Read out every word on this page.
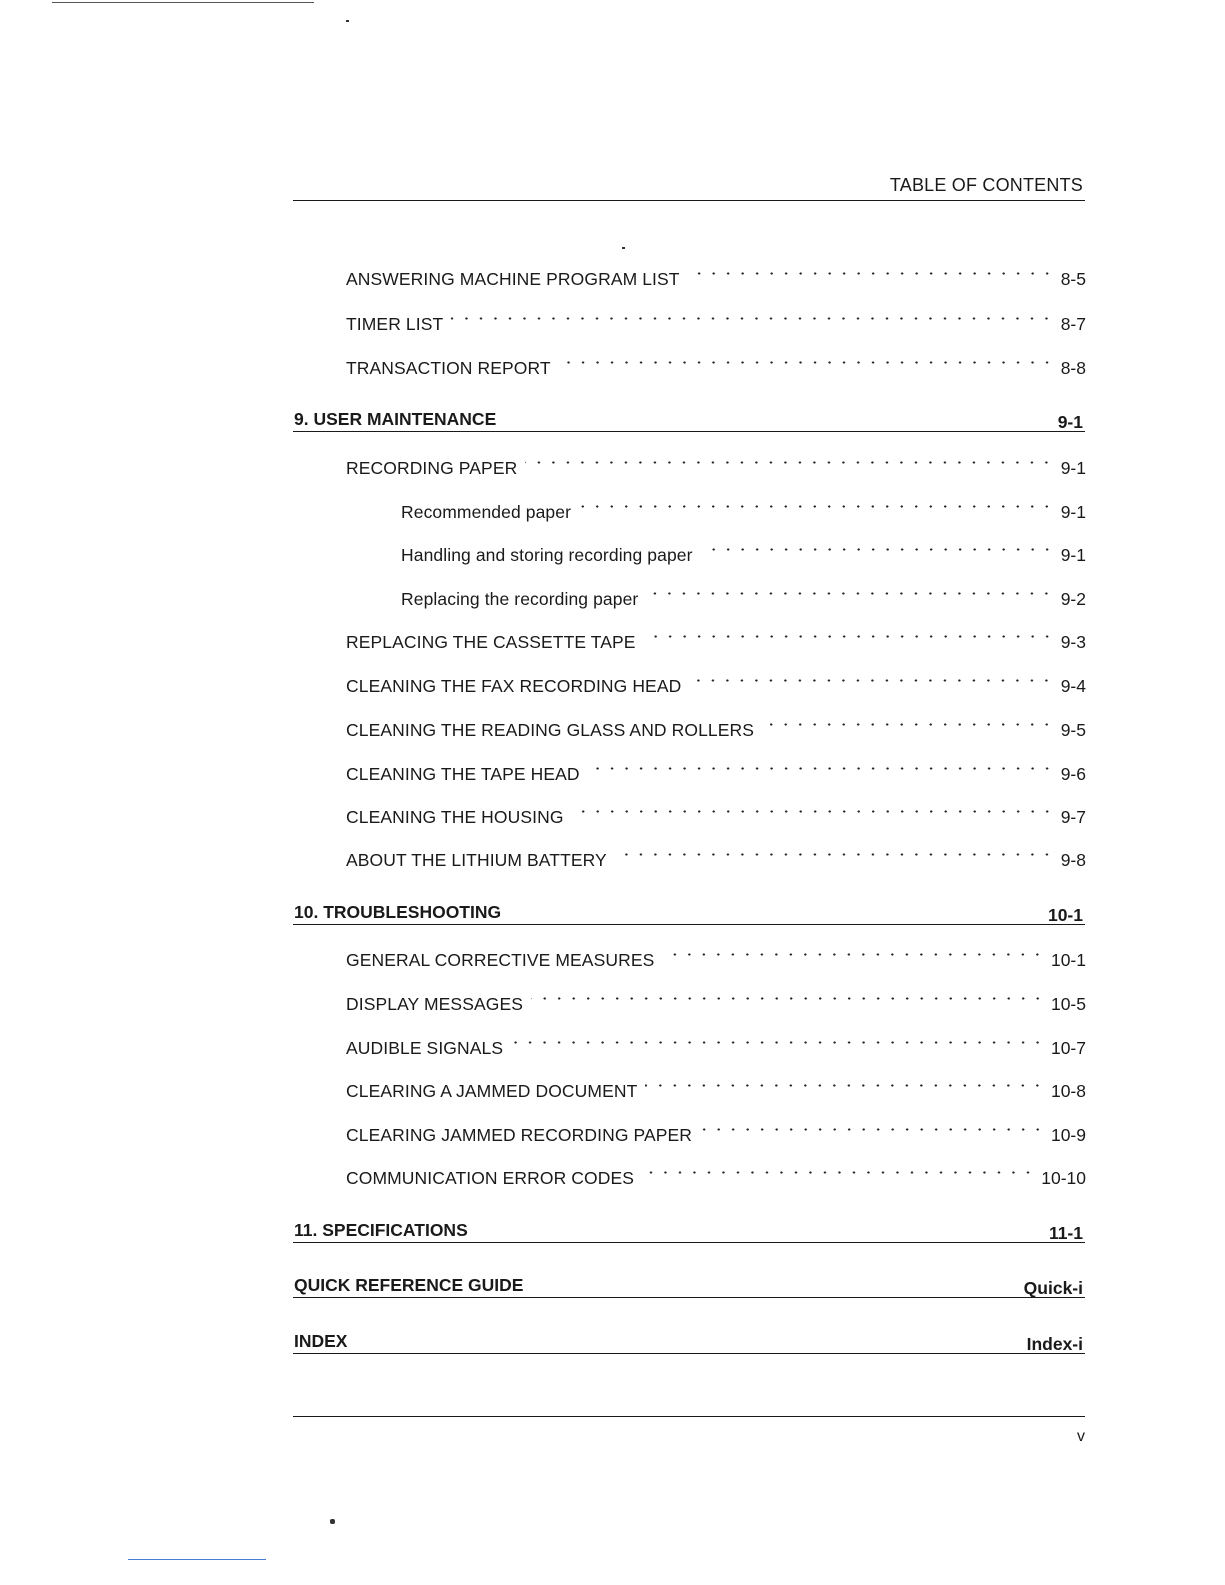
TABLE OF CONTENTS
ANSWERING MACHINE PROGRAM LIST	8-5
TIMER LIST	8-7
TRANSACTION REPORT	8-8
9. USER MAINTENANCE	9-1
RECORDING PAPER	9-1
Recommended paper	9-1
Handling and storing recording paper	9-1
Replacing the recording paper	9-2
REPLACING THE CASSETTE TAPE	9-3
CLEANING THE FAX RECORDING HEAD	9-4
CLEANING THE READING GLASS AND ROLLERS	9-5
CLEANING THE TAPE HEAD	9-6
CLEANING THE HOUSING	9-7
ABOUT THE LITHIUM BATTERY	9-8
10. TROUBLESHOOTING	10-1
GENERAL CORRECTIVE MEASURES	10-1
DISPLAY MESSAGES	10-5
AUDIBLE SIGNALS	10-7
CLEARING A JAMMED DOCUMENT	10-8
CLEARING JAMMED RECORDING PAPER	10-9
COMMUNICATION ERROR CODES	10-10
11. SPECIFICATIONS	11-1
QUICK REFERENCE GUIDE	Quick-i
INDEX	Index-i
v
